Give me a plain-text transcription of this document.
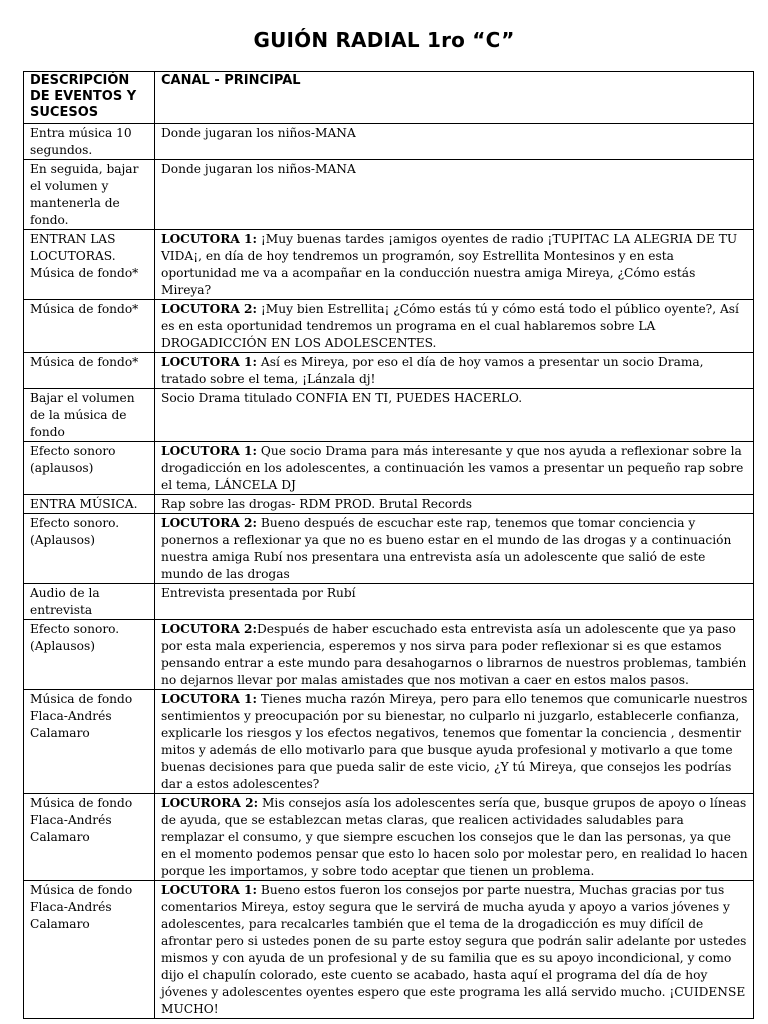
GUIÓN RADIAL 1ro “C”
DESCRIPCIÓN DE EVENTOS Y SUCESOS	CANAL - PRINCIPAL
Entra música 10 segundos.	Donde jugaran los niños-MANA
En seguida, bajar el volumen y mantenerla de fondo.	Donde jugaran los niños-MANA
ENTRAN LAS LOCUTORAS. Música de fondo*	LOCUTORA 1: ¡Muy buenas tardes ¡amigos oyentes de radio ¡TUPITAC LA ALEGRIA DE TU VIDA¡, en día de hoy tendremos un programón, soy Estrellita Montesinos y en esta oportunidad me va a acompañar en la conducción nuestra amiga Mireya, ¿Cómo estás Mireya?
Música de fondo*	LOCUTORA 2: ¡Muy bien Estrellita¡ ¿Cómo estás tú y cómo está todo el público oyente?, Así es en esta oportunidad tendremos un programa en el cual hablaremos sobre LA DROGADICCIÓN EN LOS ADOLESCENTES.
Música de fondo*	LOCUTORA 1: Así es Mireya, por eso el día de hoy vamos a presentar un socio Drama, tratado sobre el tema, ¡Lánzala dj!
Bajar el volumen de la música de fondo	Socio Drama titulado CONFIA EN TI, PUEDES HACERLO.
Efecto sonoro (aplausos)	LOCUTORA 1: Que socio Drama para más interesante y que nos ayuda a reflexionar sobre la drogadicción en los adolescentes, a continuación les vamos a presentar un pequeño rap sobre el tema, LÁNCELA DJ
ENTRA MÚSICA.	Rap sobre las drogas- RDM PROD. Brutal Records
Efecto sonoro. (Aplausos)	LOCUTORA 2: Bueno después de escuchar este rap, tenemos que tomar conciencia y ponernos a reflexionar ya que no es bueno estar en el mundo de las drogas y a continuación nuestra amiga Rubí nos presentara una entrevista asía un adolescente que salió de este mundo de las drogas
Audio de la entrevista	Entrevista presentada por Rubí
Efecto sonoro. (Aplausos)	LOCUTORA 2:Después de haber escuchado esta entrevista asía un adolescente que ya paso por esta mala experiencia, esperemos y nos sirva para poder reflexionar si es que estamos pensando entrar a este mundo para desahogarnos o librarnos de nuestros problemas, también no dejarnos llevar por malas amistades que nos motivan a caer en estos malos pasos.
Música de fondo Flaca-Andrés Calamaro	LOCUTORA 1: Tienes mucha razón Mireya, pero para ello tenemos que comunicarle nuestros sentimientos y preocupación por su bienestar, no culparlo ni juzgarlo, establecerle confianza, explicarle los riesgos y los efectos negativos, tenemos que fomentar la conciencia , desmentir mitos y además de ello motivarlo para que busque ayuda profesional y motivarlo a que tome buenas decisiones para que pueda salir de este vicio, ¿Y tú Mireya, que consejos les podrías dar a estos adolescentes?
Música de fondo Flaca-Andrés Calamaro	LOCURORA 2: Mis consejos asía los adolescentes sería que, busque grupos de apoyo o líneas de ayuda, que se establezcan metas claras, que realicen actividades saludables para remplazar el consumo, y que siempre escuchen los consejos que le dan las personas, ya que en el momento podemos pensar que esto lo hacen solo por molestar pero, en realidad lo hacen porque les importamos, y sobre todo aceptar que tienen un problema.
Música de fondo Flaca-Andrés Calamaro	LOCUTORA 1: Bueno estos fueron los consejos por parte nuestra, Muchas gracias por tus comentarios Mireya, estoy segura que le servirá de mucha ayuda y apoyo a varios jóvenes y adolescentes, para recalcarles también que el tema de la drogadicción es muy difícil de afrontar pero si ustedes ponen de su parte estoy segura que podrán salir adelante por ustedes mismos y con ayuda de un profesional y de su familia que es su apoyo incondicional, y como dijo el chapulín colorado, este cuento se acabado, hasta aquí el programa del día de hoy jóvenes y adolescentes oyentes espero que este programa les allá servido mucho. ¡CUIDENSE MUCHO!
